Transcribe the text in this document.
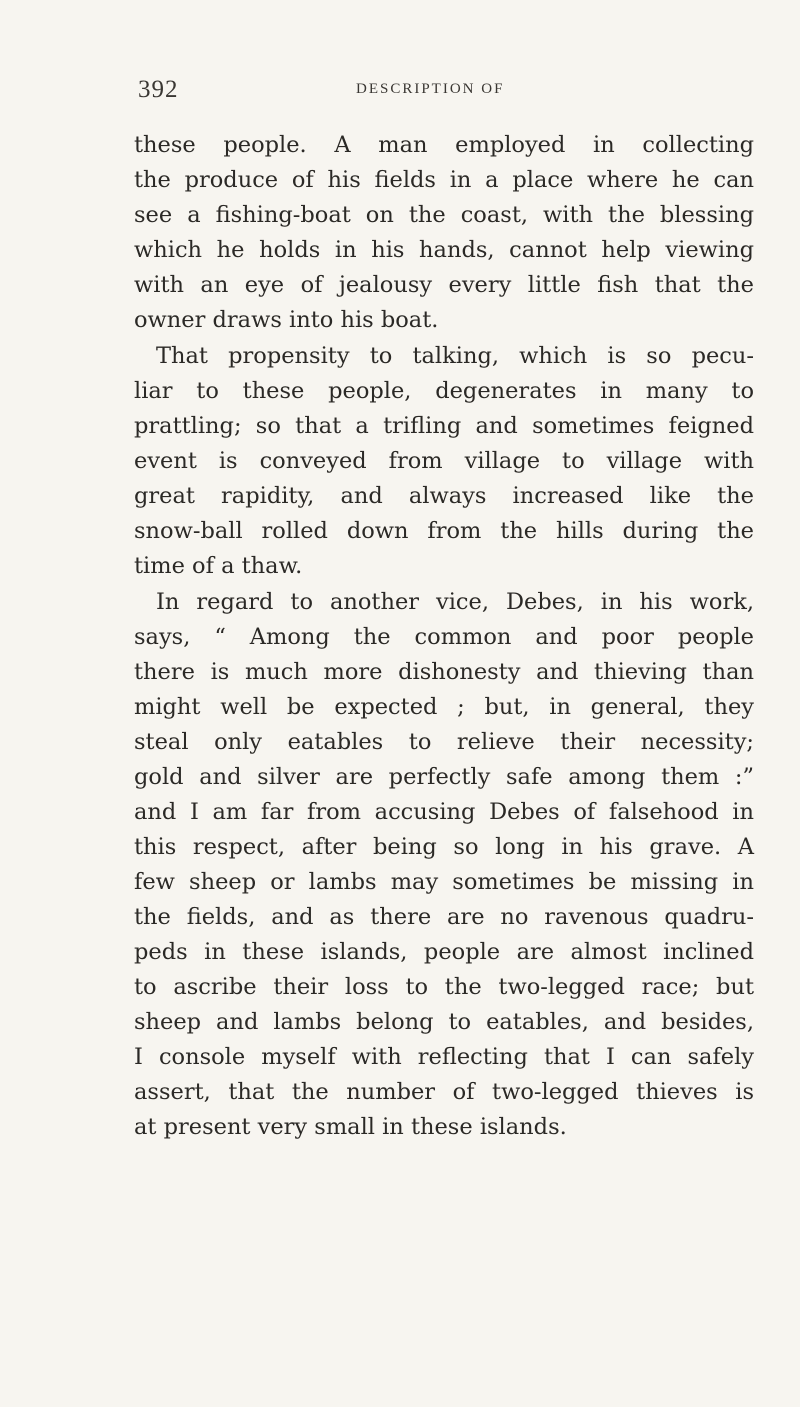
392	DESCRIPTION OF
these people. A man employed in collecting
the produce of his fields in a place where he can
see a fishing-boat on the coast, with the blessing
which he holds in his hands, cannot help viewing
with an eye of jealousy every little fish that the
owner draws into his boat.
That propensity to talking, which is so pecu-
liar to these people, degenerates in many to
prattling; so that a trifling and sometimes feigned
event is conveyed from village to village with
great rapidity, and always increased like the
snow-ball rolled down from the hills during the
time of a thaw.
In regard to another vice, Debes, in his work,
says, “ Among the common and poor people
there is much more dishonesty and thieving than
might well be expected ; but, in general, they
steal only eatables to relieve their necessity;
gold and silver are perfectly safe among them :”
and I am far from accusing Debes of falsehood in
this respect, after being so long in his grave. A
few sheep or lambs may sometimes be missing in
the fields, and as there are no ravenous quadru-
peds in these islands, people are almost inclined
to ascribe their loss to the two-legged race; but
sheep and lambs belong to eatables, and besides,
I console myself with reflecting that I can safely
assert, that the number of two-legged thieves is
at present very small in these islands.
